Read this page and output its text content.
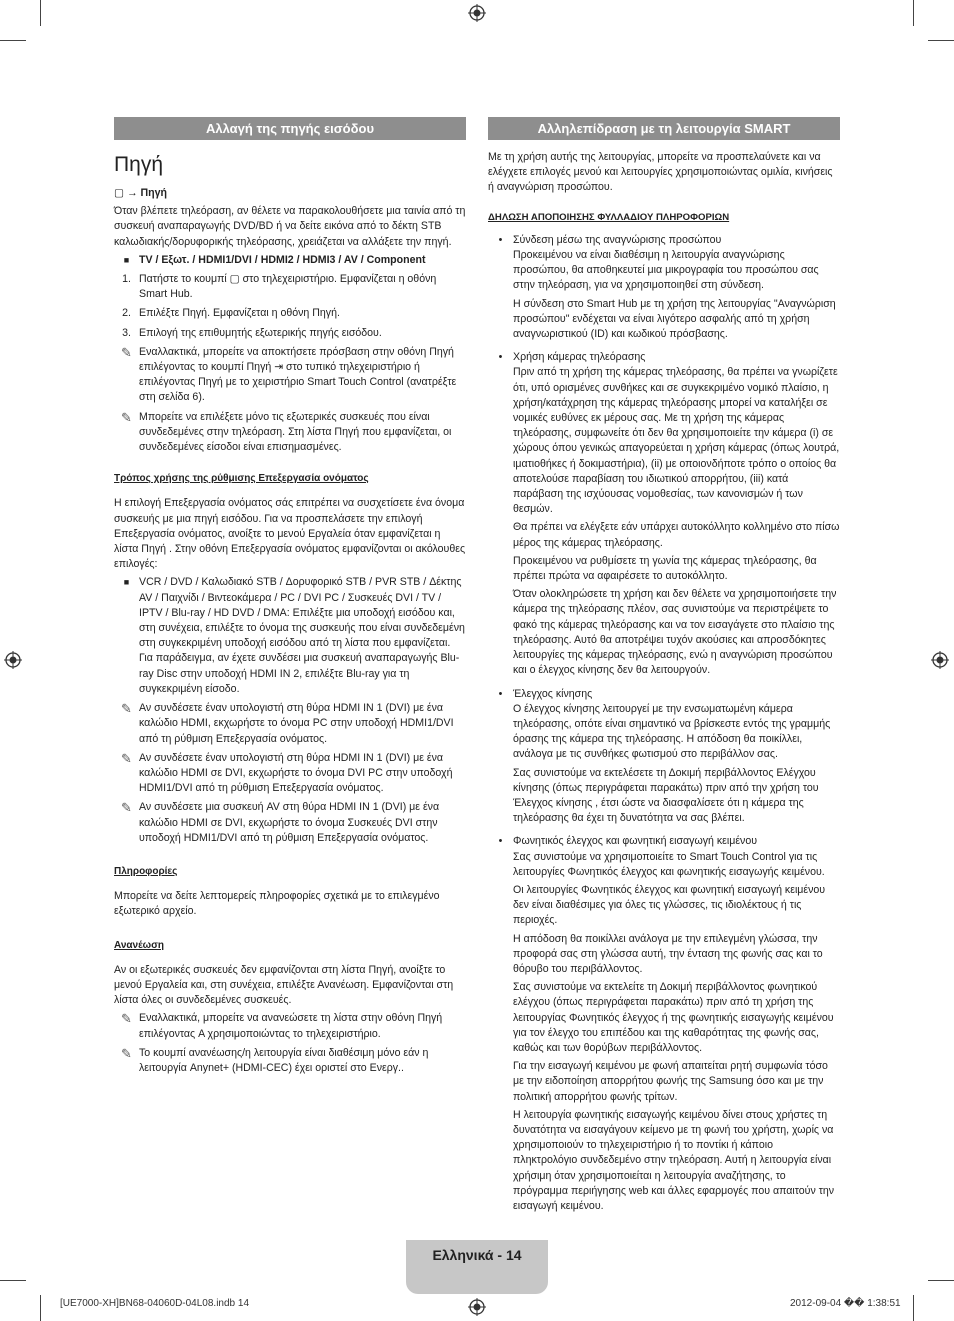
Αλλαγή της πηγής εισόδου
Πηγή

▢ → Πηγή

Όταν βλέπετε τηλεόραση, αν θέλετε να παρακολουθήσετε μια ταινία από τη συσκευή αναπαραγωγής DVD/BD ή να δείτε εικόνα από το δέκτη STB καλωδιακής/δορυφορικής τηλεόρασης, χρειάζεται να αλλάξετε την πηγή.

■ TV / Εξωτ. / HDMI1/DVI / HDMI2 / HDMI3 / AV / Component
1. Πατήστε το κουμπί ▢ στο τηλεχειριστήριο. Εμφανίζεται η οθόνη Smart Hub.
2. Επιλέξτε Πηγή. Εμφανίζεται η οθόνη Πηγή.
3. Επιλογή της επιθυμητής εξωτερικής πηγής εισόδου.
✎ Εναλλακτικά, μπορείτε να αποκτήσετε πρόσβαση στην οθόνη Πηγή επιλέγοντας το κουμπί Πηγή ⇥ στο τυπικό τηλεχειριστήριο ή επιλέγοντας Πηγή με το χειριστήριο Smart Touch Control (ανατρέξτε στη σελίδα 6).
✎ Μπορείτε να επιλέξετε μόνο τις εξωτερικές συσκευές που είναι συνδεδεμένες στην τηλεόραση. Στη λίστα Πηγή που εμφανίζεται, οι συνδεδεμένες είσοδοι είναι επισημασμένες.
Τρόπος χρήσης της ρύθμισης Επεξεργασία ονόματος

Η επιλογή Επεξεργασία ονόματος σάς επιτρέπει να συσχετίσετε ένα όνομα συσκευής με μια πηγή εισόδου. Για να προσπελάσετε την επιλογή Επεξεργασία ονόματος, ανοίξτε το μενού Εργαλεία όταν εμφανίζεται η λίστα Πηγή . Στην οθόνη Επεξεργασία ονόματος εμφανίζονται οι ακόλουθες επιλογές:

■ VCR / DVD / Καλωδιακό STB / Δορυφορικό STB / PVR STB / Δέκτης AV / Παιχνίδι / Βιντεοκάμερα / PC / DVI PC / Συσκευές DVI / TV / IPTV / Blu-ray / HD DVD / DMA: Επιλέξτε μια υποδοχή εισόδου και, στη συνέχεια, επιλέξτε το όνομα της συσκευής που είναι συνδεδεμένη στη συγκεκριμένη υποδοχή εισόδου από τη λίστα που εμφανίζεται. Για παράδειγμα, αν έχετε συνδέσει μια συσκευή αναπαραγωγής Blu-ray Disc στην υποδοχή HDMI IN 2, επιλέξτε Blu-ray για τη συγκεκριμένη είσοδο.
✎ Αν συνδέσετε έναν υπολογιστή στη θύρα HDMI IN 1 (DVI) με ένα καλώδιο HDMI, εκχωρήστε το όνομα PC στην υποδοχή HDMI1/DVI από τη ρύθμιση Επεξεργασία ονόματος.
✎ Αν συνδέσετε έναν υπολογιστή στη θύρα HDMI IN 1 (DVI) με ένα καλώδιο HDMI σε DVI, εκχωρήστε το όνομα DVI PC στην υποδοχή HDMI1/DVI από τη ρύθμιση Επεξεργασία ονόματος.
✎ Αν συνδέσετε μια συσκευή AV στη θύρα HDMI IN 1 (DVI) με ένα καλώδιο HDMI σε DVI, εκχωρήστε το όνομα Συσκευές DVI στην υποδοχή HDMI1/DVI από τη ρύθμιση Επεξεργασία ονόματος.
Πληροφορίες

Μπορείτε να δείτε λεπτομερείς πληροφορίες σχετικά με το επιλεγμένο εξωτερικό αρχείο.

Ανανέωση

Αν οι εξωτερικές συσκευές δεν εμφανίζονται στη λίστα Πηγή, ανοίξτε το μενού Εργαλεία και, στη συνέχεια, επιλέξτε Ανανέωση. Εμφανίζονται στη λίστα όλες οι συνδεδεμένες συσκευές.

✎ Εναλλακτικά, μπορείτε να ανανεώσετε τη λίστα στην οθόνη Πηγή επιλέγοντας A χρησιμοποιώντας το τηλεχειριστήριο.
✎ Το κουμπί ανανέωσης/η λειτουργία είναι διαθέσιμη μόνο εάν η λειτουργία Anynet+ (HDMI-CEC) έχει οριστεί στο Ενεργ..
Αλληλεπίδραση με τη λειτουργία SMART

Με τη χρήση αυτής της λειτουργίας, μπορείτε να προσπελαύνετε και να ελέγχετε επιλογές μενού και λειτουργίες χρησιμοποιώντας ομιλία, κινήσεις ή αναγνώριση προσώπου.

ΔΗΛΩΣΗ ΑΠΟΠΟΙΗΣΗΣ ΦΥΛΛΑΔΙΟΥ ΠΛΗΡΟΦΟΡΙΩΝ
•	Σύνδεση μέσω της αναγνώρισης προσώπου

Προκειμένου να είναι διαθέσιμη η λειτουργία αναγνώρισης προσώπου, θα αποθηκευτεί μια μικρογραφία του προσώπου σας στην τηλεόραση, για να χρησιμοποιηθεί στη σύνδεση.

Η σύνδεση στο Smart Hub με τη χρήση της λειτουργίας "Αναγνώριση προσώπου" ενδέχεται να είναι λιγότερο ασφαλής από τη χρήση αναγνωριστικού (ID) και κωδικού πρόσβασης.

•	Χρήση κάμερας τηλεόρασης

Πριν από τη χρήση της κάμερας τηλεόρασης, θα πρέπει να γνωρίζετε ότι, υπό ορισμένες συνθήκες και σε συγκεκριμένο νομικό πλαίσιο, η χρήση/κατάχρηση της κάμερας τηλεόρασης μπορεί να καταλήξει σε νομικές ευθύνες εκ μέρους σας. Με τη χρήση της κάμερας τηλεόρασης, συμφωνείτε ότι δεν θα χρησιμοποιείτε την κάμερα (i) σε χώρους όπου γενικώς απαγορεύεται η χρήση κάμερας (όπως λουτρά, ιματιοθήκες ή δοκιμαστήρια), (ii) με οποιονδήποτε τρόπο ο οποίος θα αποτελούσε παραβίαση του ιδιωτικού απορρήτου, (iii) κατά παράβαση της ισχύουσας νομοθεσίας, των κανονισμών ή των θεσμών.

Θα πρέπει να ελέγξετε εάν υπάρχει αυτοκόλλητο κολλημένο στο πίσω μέρος της κάμερας τηλεόρασης.

Προκειμένου να ρυθμίσετε τη γωνία της κάμερας τηλεόρασης, θα πρέπει πρώτα να αφαιρέσετε το αυτοκόλλητο.

Όταν ολοκληρώσετε τη χρήση και δεν θέλετε να χρησιμοποιήσετε την κάμερα της τηλεόρασης πλέον, σας συνιστούμε να περιστρέψετε το φακό της κάμερας τηλεόρασης και να τον εισαγάγετε στο πλαίσιο της τηλεόρασης. Αυτό θα αποτρέψει τυχόν ακούσιες και απροσδόκητες λειτουργίες της κάμερας τηλεόρασης, ενώ η αναγνώριση προσώπου και ο έλεγχος κίνησης δεν θα λειτουργούν.

•	Έλεγχος κίνησης

Ο έλεγχος κίνησης λειτουργεί με την ενσωματωμένη κάμερα τηλεόρασης, οπότε είναι σημαντικό να βρίσκεστε εντός της γραμμής όρασης της κάμερα της τηλεόρασης. Η απόδοση θα ποικίλλει, ανάλογα με τις συνθήκες φωτισμού στο περιβάλλον σας.

Σας συνιστούμε να εκτελέσετε τη Δοκιμή περιβάλλοντος Ελέγχου κίνησης (όπως περιγράφεται παρακάτω) πριν από την χρήση του Έλεγχος κίνησης , έτσι ώστε να διασφαλίσετε ότι η κάμερα της τηλεόρασης θα έχει τη δυνατότητα να σας βλέπει.

•	Φωνητικός έλεγχος και φωνητική εισαγωγή κειμένου

Σας συνιστούμε να χρησιμοποιείτε το Smart Touch Control για τις λειτουργίες Φωνητικός έλεγχος και φωνητικής εισαγωγής κειμένου.

Οι λειτουργίες Φωνητικός έλεγχος και φωνητική εισαγωγή κειμένου δεν είναι διαθέσιμες για όλες τις γλώσσες, τις ιδιολέκτους ή τις περιοχές.

Η απόδοση θα ποικίλλει ανάλογα με την επιλεγμένη γλώσσα, την προφορά σας στη γλώσσα αυτή, την ένταση της φωνής σας και το θόρυβο του περιβάλλοντος.

Σας συνιστούμε να εκτελείτε τη Δοκιμή περιβάλλοντος φωνητικού ελέγχου (όπως περιγράφεται παρακάτω) πριν από τη χρήση της λειτουργίας Φωνητικός έλεγχος ή της φωνητικής εισαγωγής κειμένου για τον έλεγχο του επιπέδου και της καθαρότητας της φωνής σας, καθώς και των θορύβων περιβάλλοντος.

Για την εισαγωγή κειμένου με φωνή απαιτείται ρητή συμφωνία τόσο με την ειδοποίηση απορρήτου φωνής της Samsung όσο και με την πολιτική απορρήτου φωνής τρίτων.

Η λειτουργία φωνητικής εισαγωγής κειμένου δίνει στους χρήστες τη δυνατότητα να εισαγάγουν κείμενο με τη φωνή του χρήστη, χωρίς να χρησιμοποιούν το τηλεχειριστήριο ή το ποντίκι ή κάποιο πληκτρολόγιο συνδεδεμένο στην τηλεόραση. Αυτή η λειτουργία είναι χρήσιμη όταν χρησιμοποιείται η λειτουργία αναζήτησης, το πρόγραμμα περιήγησης web και άλλες εφαρμογές που απαιτούν την εισαγωγή κειμένου.

Ελληνικά - 14
[UE7000-XH]BN68-04060D-04L08.indb 14	2012-09-04 �� 1:38:51
